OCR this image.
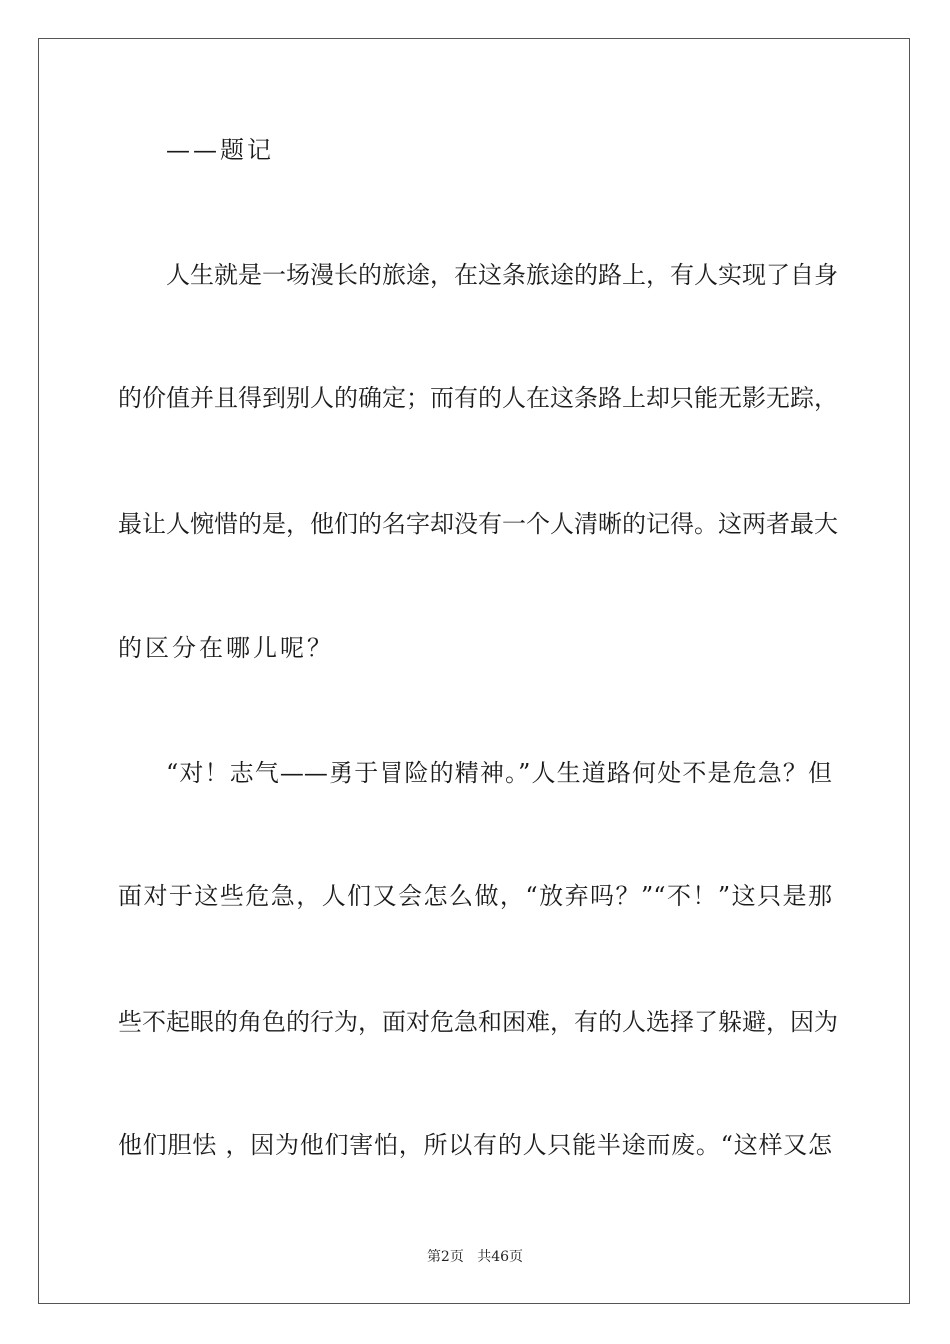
——题记
人生就是一场漫长的旅途，在这条旅途的路上，有人实现了自身
的价值并且得到别人的确定；而有的人在这条路上却只能无影无踪，
最让人惋惜的是，他们的名字却没有一个人清晰的记得。这两者最大
的区分在哪儿呢？
“对！志气——勇于冒险的精神。”人生道路何处不是危急？但
面对于这些危急，人们又会怎么做，“放弃吗？”“不！”这只是那
些不起眼的角色的行为，面对危急和困难，有的人选择了躲避，因为
他们胆怯 ，因为他们害怕，所以有的人只能半途而废。“这样又怎
第2页 共46页
